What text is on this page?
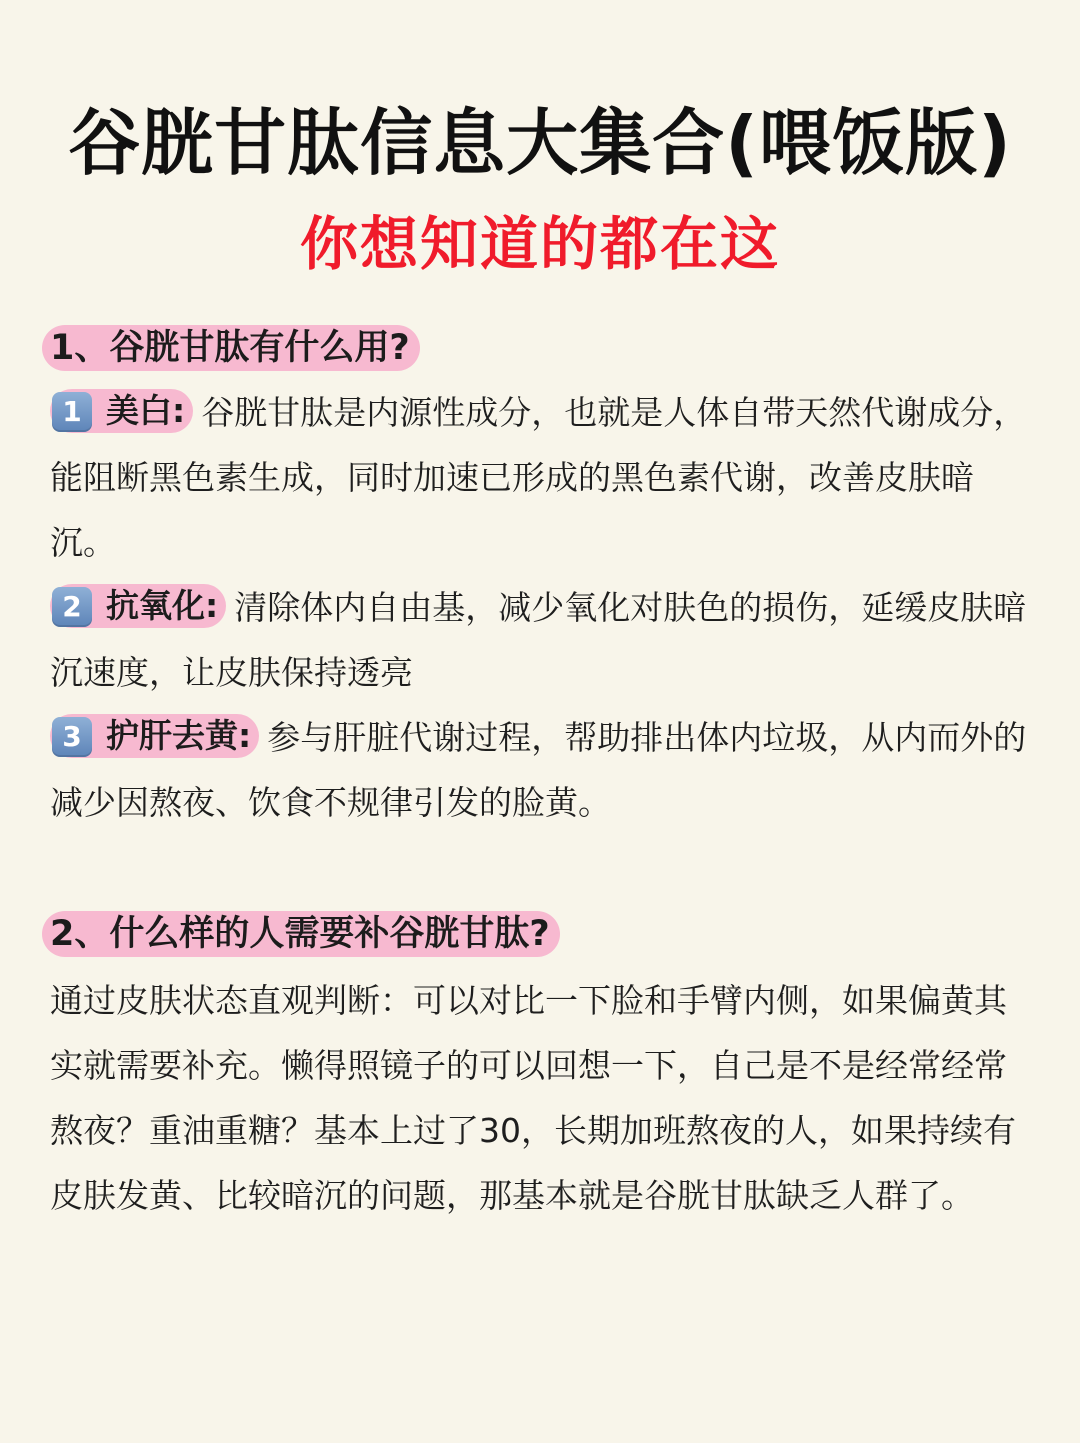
谷胱甘肽信息大集合(喂饭版)
你想知道的都在这
1、谷胱甘肽有什么用?

1 美白: 谷胱甘肽是内源性成分，也就是人体自带天然代谢成分，能阻断黑色素生成，同时加速已形成的黑色素代谢，改善皮肤暗沉。

2 抗氧化: 清除体内自由基，减少氧化对肤色的损伤，延缓皮肤暗沉速度，让皮肤保持透亮

3 护肝去黄: 参与肝脏代谢过程，帮助排出体内垃圾，从内而外的减少因熬夜、饮食不规律引发的脸黄。

2、什么样的人需要补谷胱甘肽?

通过皮肤状态直观判断：可以对比一下脸和手臂内侧，如果偏黄其实就需要补充。懒得照镜子的可以回想一下，自己是不是经常经常熬夜？重油重糖？基本上过了30，长期加班熬夜的人，如果持续有皮肤发黄、比较暗沉的问题，那基本就是谷胱甘肽缺乏人群了。
